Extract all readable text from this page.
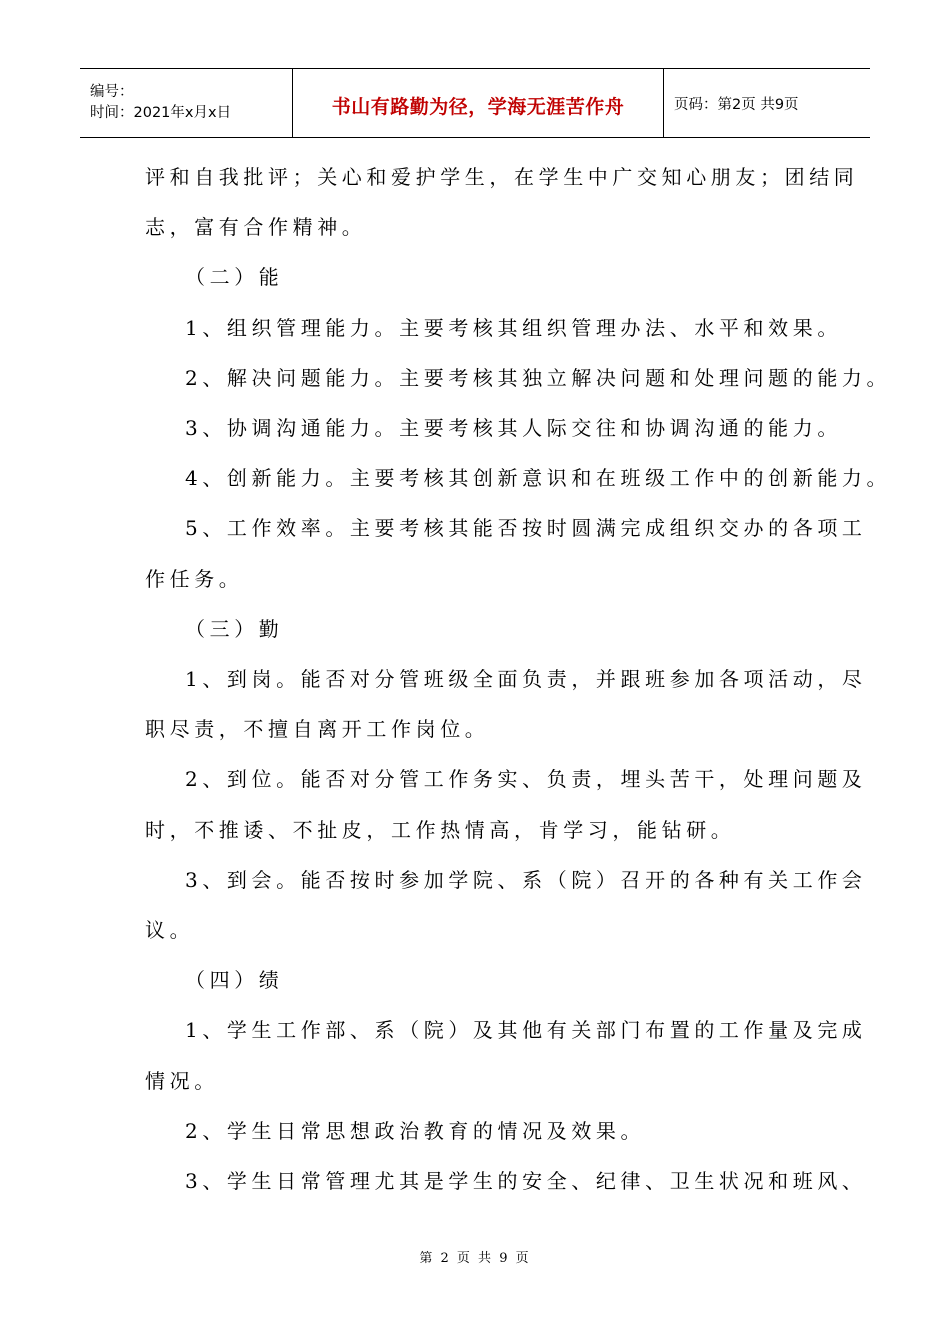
编号：
时间：2021年x月x日	书山有路勤为径，学海无涯苦作舟	页码：第2页 共9页
评和自我批评；关心和爱护学生，在学生中广交知心朋友；团结同
志，富有合作精神。
（二）能
1、组织管理能力。主要考核其组织管理办法、水平和效果。
2、解决问题能力。主要考核其独立解决问题和处理问题的能力。
3、协调沟通能力。主要考核其人际交往和协调沟通的能力。
4、创新能力。主要考核其创新意识和在班级工作中的创新能力。
5、工作效率。主要考核其能否按时圆满完成组织交办的各项工
作任务。
（三）勤
1、到岗。能否对分管班级全面负责，并跟班参加各项活动，尽
职尽责，不擅自离开工作岗位。
2、到位。能否对分管工作务实、负责，埋头苦干，处理问题及
时，不推诿、不扯皮，工作热情高，肯学习，能钻研。
3、到会。能否按时参加学院、系（院）召开的各种有关工作会
议。
（四）绩
1、学生工作部、系（院）及其他有关部门布置的工作量及完成
情况。
2、学生日常思想政治教育的情况及效果。
3、学生日常管理尤其是学生的安全、纪律、卫生状况和班风、
第 2 页 共 9 页
